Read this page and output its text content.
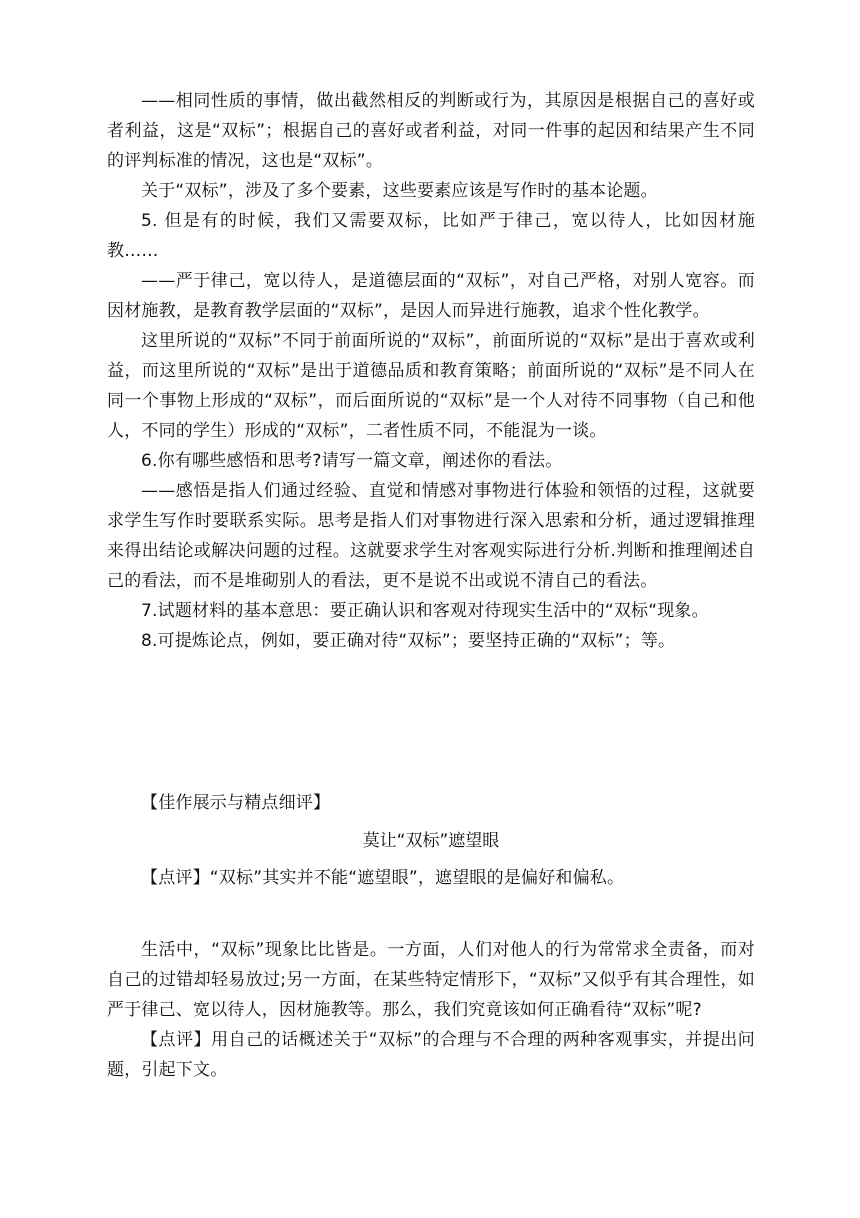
——相同性质的事情，做出截然相反的判断或行为，其原因是根据自己的喜好或者利益，这是“双标”；根据自己的喜好或者利益，对同一件事的起因和结果产生不同的评判标准的情况，这也是“双标”。

关于“双标”，涉及了多个要素，这些要素应该是写作时的基本论题。

5. 但是有的时候，我们又需要双标，比如严于律己，宽以待人，比如因材施教……

——严于律己，宽以待人，是道德层面的“双标”，对自己严格，对别人宽容。而因材施教，是教育教学层面的“双标”，是因人而异进行施教，追求个性化教学。

这里所说的“双标”不同于前面所说的“双标”，前面所说的“双标”是出于喜欢或利益，而这里所说的“双标”是出于道德品质和教育策略；前面所说的“双标”是不同人在同一个事物上形成的“双标”，而后面所说的“双标”是一个人对待不同事物（自己和他人，不同的学生）形成的“双标”，二者性质不同，不能混为一谈。

6.你有哪些感悟和思考?请写一篇文章，阐述你的看法。

——感悟是指人们通过经验、直觉和情感对事物进行体验和领悟的过程，这就要求学生写作时要联系实际。思考是指人们对事物进行深入思索和分析，通过逻辑推理来得出结论或解决问题的过程。这就要求学生对客观实际进行分析.判断和推理阐述自己的看法，而不是堆砌别人的看法，更不是说不出或说不清自己的看法。

7.试题材料的基本意思：要正确认识和客观对待现实生活中的“双标“现象。

8.可提炼论点，例如，要正确对待“双标”；要坚持正确的“双标”；等。

【佳作展示与精点细评】

莫让“双标”遮望眼

【点评】“双标”其实并不能“遮望眼”，遮望眼的是偏好和偏私。

生活中，“双标”现象比比皆是。一方面，人们对他人的行为常常求全责备，而对自己的过错却轻易放过;另一方面，在某些特定情形下，“双标”又似乎有其合理性，如严于律己、宽以待人，因材施教等。那么，我们究竟该如何正确看待“双标”呢?

【点评】用自己的话概述关于“双标”的合理与不合理的两种客观事实，并提出问题，引起下文。
